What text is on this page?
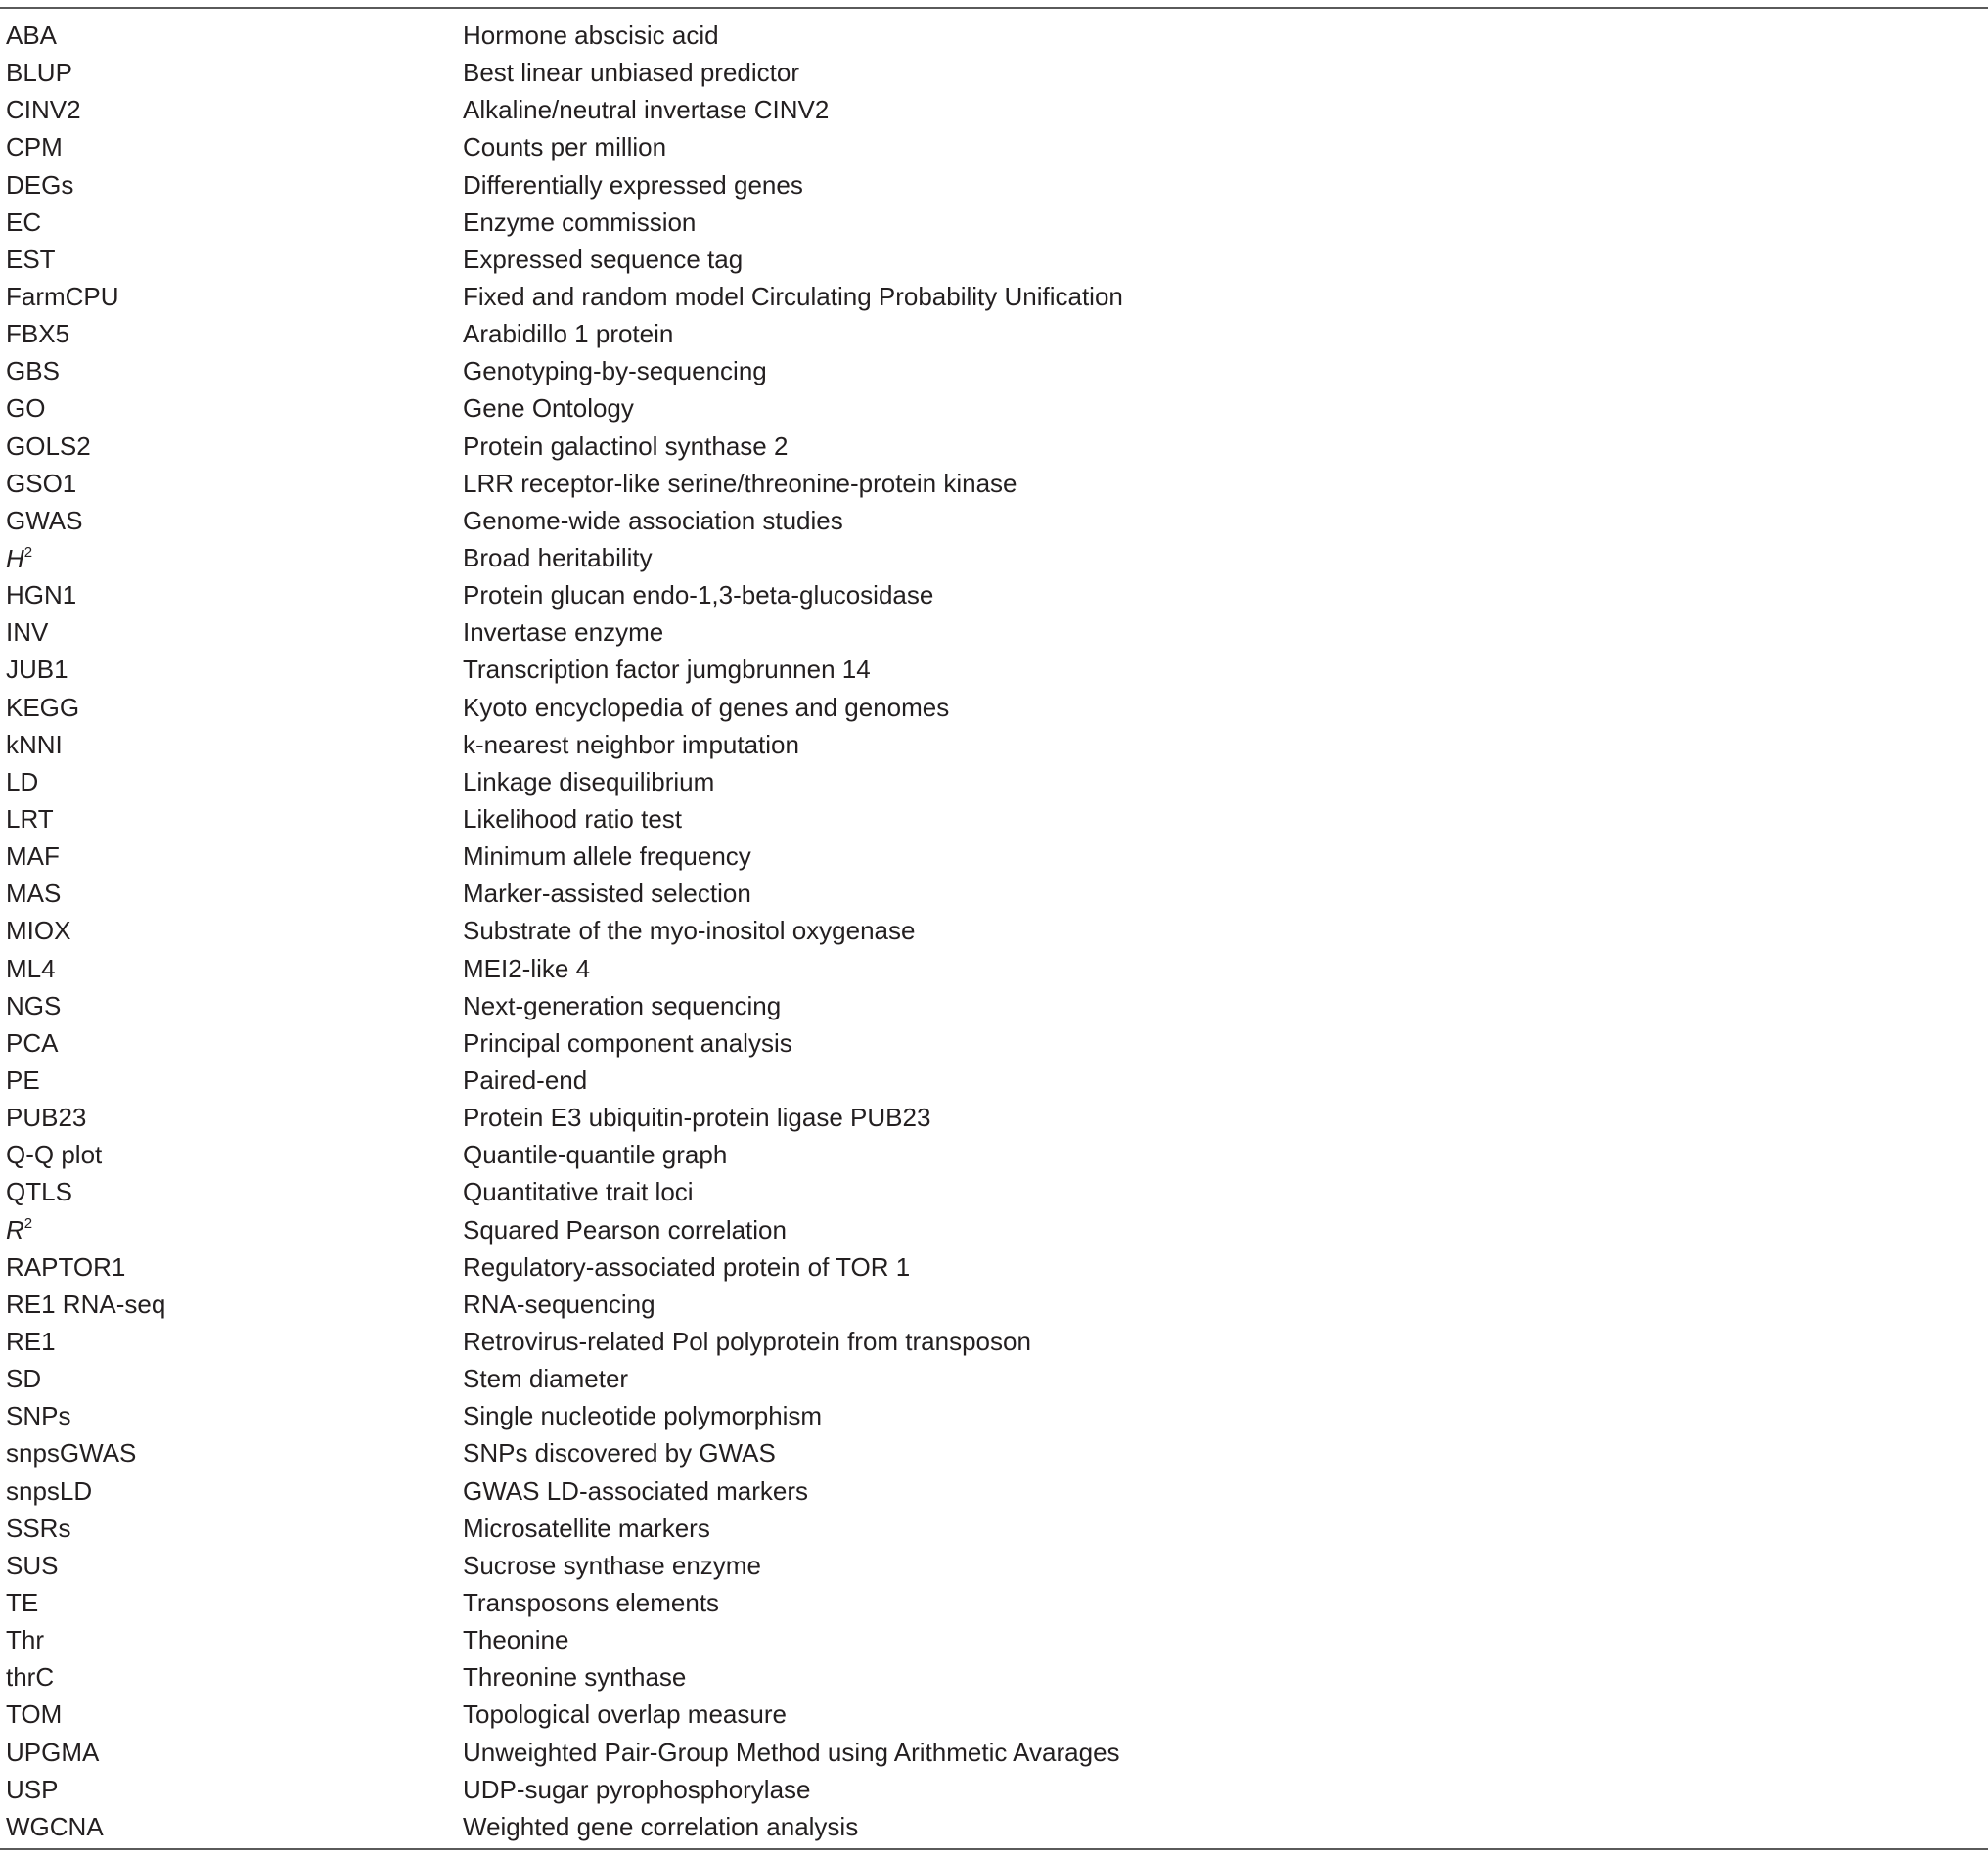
ABA	Hormone abscisic acid
BLUP	Best linear unbiased predictor
CINV2	Alkaline/neutral invertase CINV2
CPM	Counts per million
DEGs	Differentially expressed genes
EC	Enzyme commission
EST	Expressed sequence tag
FarmCPU	Fixed and random model Circulating Probability Unification
FBX5	Arabidillo 1 protein
GBS	Genotyping-by-sequencing
GO	Gene Ontology
GOLS2	Protein galactinol synthase 2
GSO1	LRR receptor-like serine/threonine-protein kinase
GWAS	Genome-wide association studies
$H^2$	Broad heritability
HGN1	Protein glucan endo-1,3-beta-glucosidase
INV	Invertase enzyme
JUB1	Transcription factor jumgbrunnen 14
KEGG	Kyoto encyclopedia of genes and genomes
kNNI	k-nearest neighbor imputation
LD	Linkage disequilibrium
LRT	Likelihood ratio test
MAF	Minimum allele frequency
MAS	Marker-assisted selection
MIOX	Substrate of the myo-inositol oxygenase
ML4	MEI2-like 4
NGS	Next-generation sequencing
PCA	Principal component analysis
PE	Paired-end
PUB23	Protein E3 ubiquitin-protein ligase PUB23
Q-Q plot	Quantile-quantile graph
QTLS	Quantitative trait loci
$R^2$	Squared Pearson correlation
RAPTOR1	Regulatory-associated protein of TOR 1
RE1 RNA-seq	RNA-sequencing
RE1	Retrovirus-related Pol polyprotein from transposon
SD	Stem diameter
SNPs	Single nucleotide polymorphism
snpsGWAS	SNPs discovered by GWAS
snpsLD	GWAS LD-associated markers
SSRs	Microsatellite markers
SUS	Sucrose synthase enzyme
TE	Transposons elements
Thr	Theonine
thrC	Threonine synthase
TOM	Topological overlap measure
UPGMA	Unweighted Pair-Group Method using Arithmetic Avarages
USP	UDP-sugar pyrophosphorylase
WGCNA	Weighted gene correlation analysis
